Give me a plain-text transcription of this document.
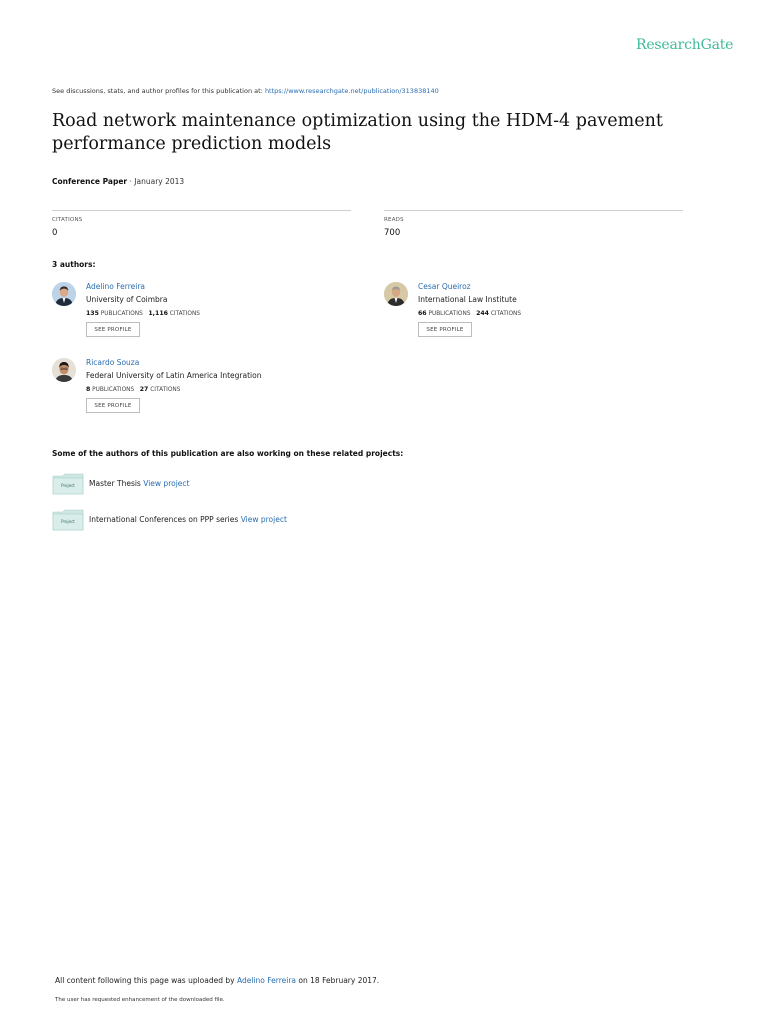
ResearchGate
See discussions, stats, and author profiles for this publication at: https://www.researchgate.net/publication/313838140
Road network maintenance optimization using the HDM-4 pavement performance prediction models
Conference Paper · January 2013
CITATIONS
0
READS
700
3 authors:
Adelino Ferreira
University of Coimbra
135 PUBLICATIONS 1,116 CITATIONS
SEE PROFILE
Cesar Queiroz
International Law Institute
66 PUBLICATIONS 244 CITATIONS
SEE PROFILE
Ricardo Souza
Federal University of Latin America Integration
8 PUBLICATIONS 27 CITATIONS
SEE PROFILE
Some of the authors of this publication are also working on these related projects:
Project	Master Thesis View project
Project	International Conferences on PPP series View project
All content following this page was uploaded by Adelino Ferreira on 18 February 2017.
The user has requested enhancement of the downloaded file.
